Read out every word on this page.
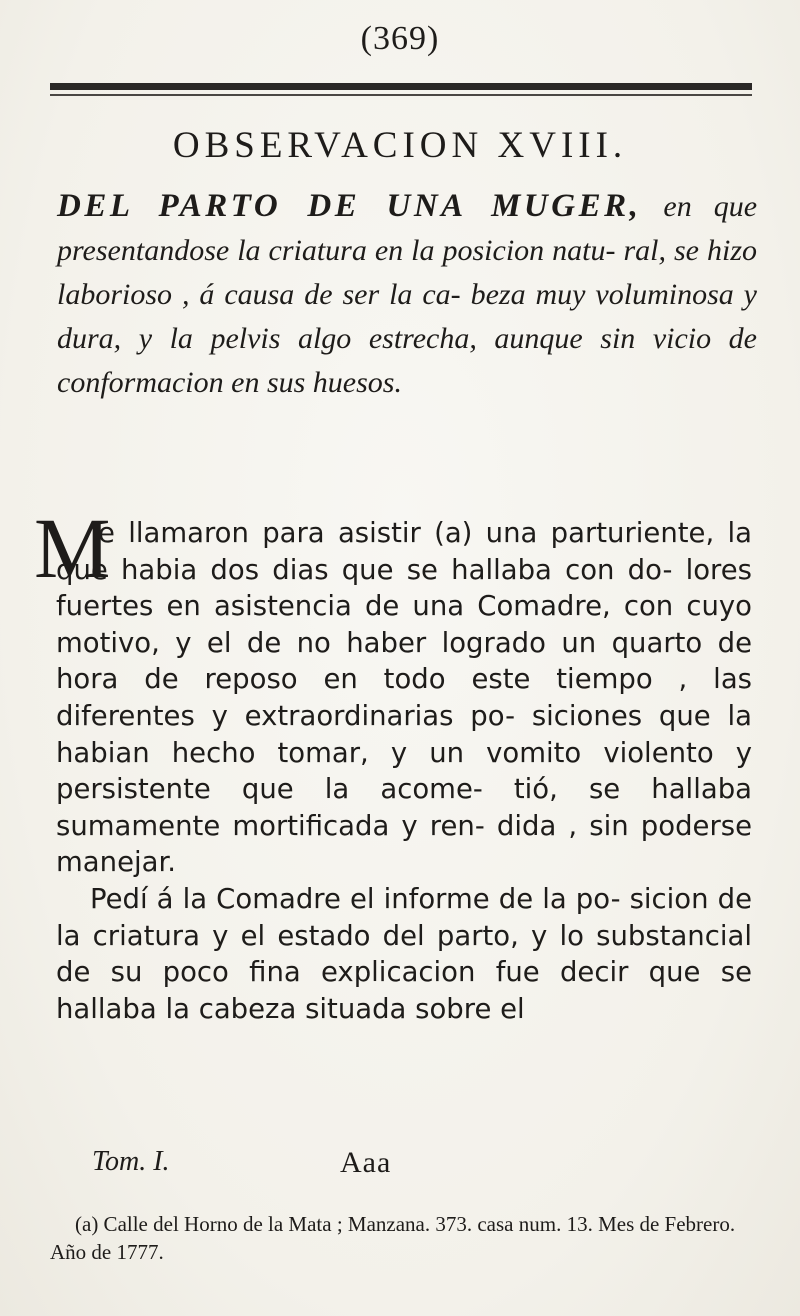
(369)
OBSERVACION XVIII.
DEL PARTO DE UNA MUGER, en que presentandose la criatura en la posicion natu- ral, se hizo laborioso , á causa de ser la ca- beza muy voluminosa y dura, y la pelvis algo estrecha, aunque sin vicio de conformacion en sus huesos.
M

e llamaron para asistir (a) una parturiente, la que habia dos dias que se hallaba con do- lores fuertes en asistencia de una Comadre, con cuyo motivo, y el de no haber logrado un quarto de hora de reposo en todo este tiempo , las diferentes y extraordinarias po- siciones que la habian hecho tomar, y un vomito violento y persistente que la acome- tió, se hallaba sumamente mortificada y ren- dida , sin poderse manejar.

Pedí á la Comadre el informe de la po- sicion de la criatura y el estado del parto, y lo substancial de su poco fina explicacion fue decir que se hallaba la cabeza situada sobre el

Tom. I.	Aaa

(a) Calle del Horno de la Mata ; Manzana. 373. casa num. 13. Mes de Febrero. Año de 1777.
